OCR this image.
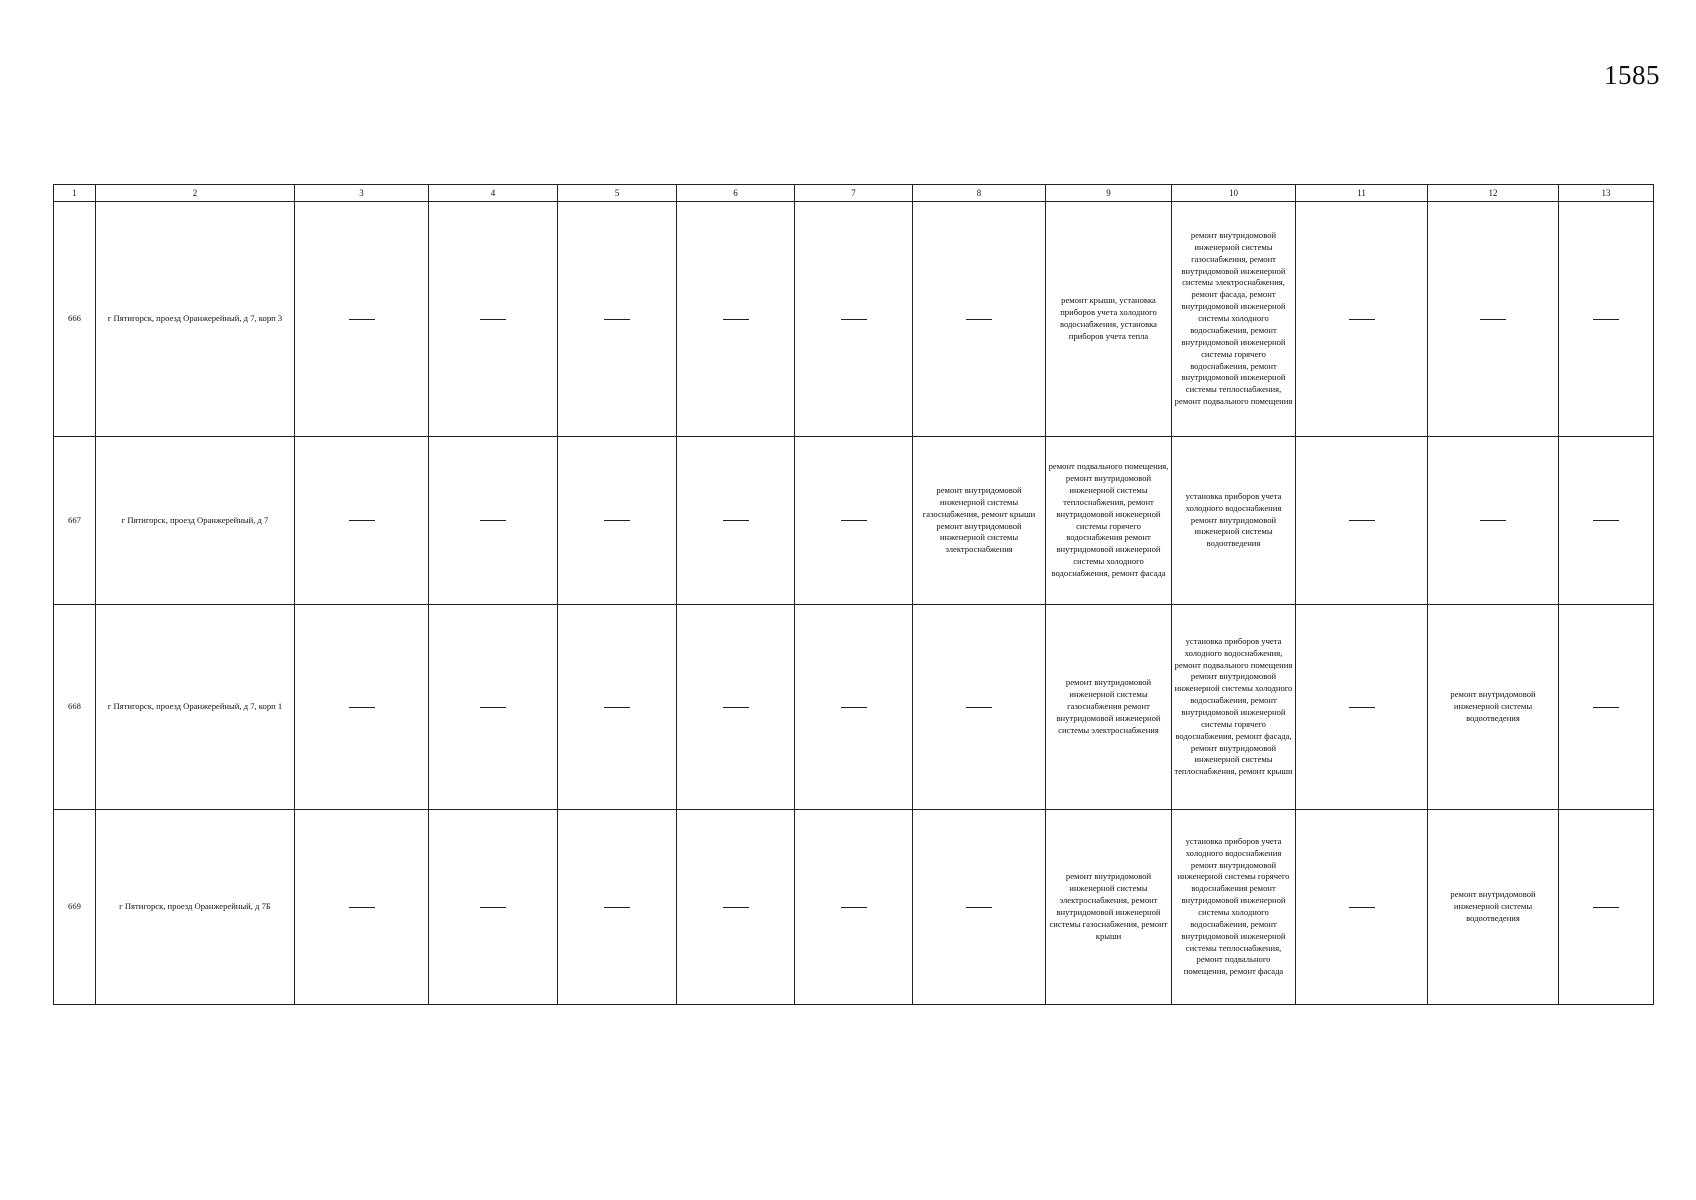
1585
1	2	3	4	5	6	7	8	9	10	11	12	13
666	г Пятигорск, проезд Оранжерейный, д 7, корп 3							ремонт крыши, установка приборов учета холодного водоснабжения, установка приборов учета тепла	ремонт внутридомовой инженерной системы газоснабжения, ремонт внутридомовой инженерной системы электроснабжения, ремонт фасада, ремонт внутридомовой инженерной системы холодного водоснабжения, ремонт внутридомовой инженерной системы горячего водоснабжения, ремонт внутридомовой инженерной системы теплоснабжения, ремонт подвального помещения			
667	г Пятигорск, проезд Оранжерейный, д 7						ремонт внутридомовой инженерной системы газоснабжения, ремонт крыши ремонт внутридомовой инженерной системы электроснабжения	ремонт подвального помещения, ремонт внутридомовой инженерной системы теплоснабжения, ремонт внутридомовой инженерной системы горячего водоснабжения ремонт внутридомовой инженерной системы холодного водоснабжения, ремонт фасада	установка приборов учета холодного водоснабжения ремонт внутридомовой инженерной системы водоотведения			
668	г Пятигорск, проезд Оранжерейный, д 7, корп 1							ремонт внутридомовой инженерной системы газоснабжения ремонт внутридомовой инженерной системы электроснабжения	установка приборов учета холодного водоснабжения, ремонт подвального помещения ремонт внутридомовой инженерной системы холодного водоснабжения, ремонт внутридомовой инженерной системы горячего водоснабжения, ремонт фасада, ремонт внутридомовой инженерной системы теплоснабжения, ремонт крыши		ремонт внутридомовой инженерной системы водоотведения	
669	г Пятигорск, проезд Оранжерейный, д 7Б							ремонт внутридомовой инженерной системы электроснабжения, ремонт внутридомовой инженерной системы газоснабжения, ремонт крыши	установка приборов учета холодного водоснабжения ремонт внутридомовой инженерной системы горячего водоснабжения ремонт внутридомовой инженерной системы холодного водоснабжения, ремонт внутридомовой инженерной системы теплоснабжения, ремонт подвального помещения, ремонт фасада		ремонт внутридомовой инженерной системы водоотведения	
